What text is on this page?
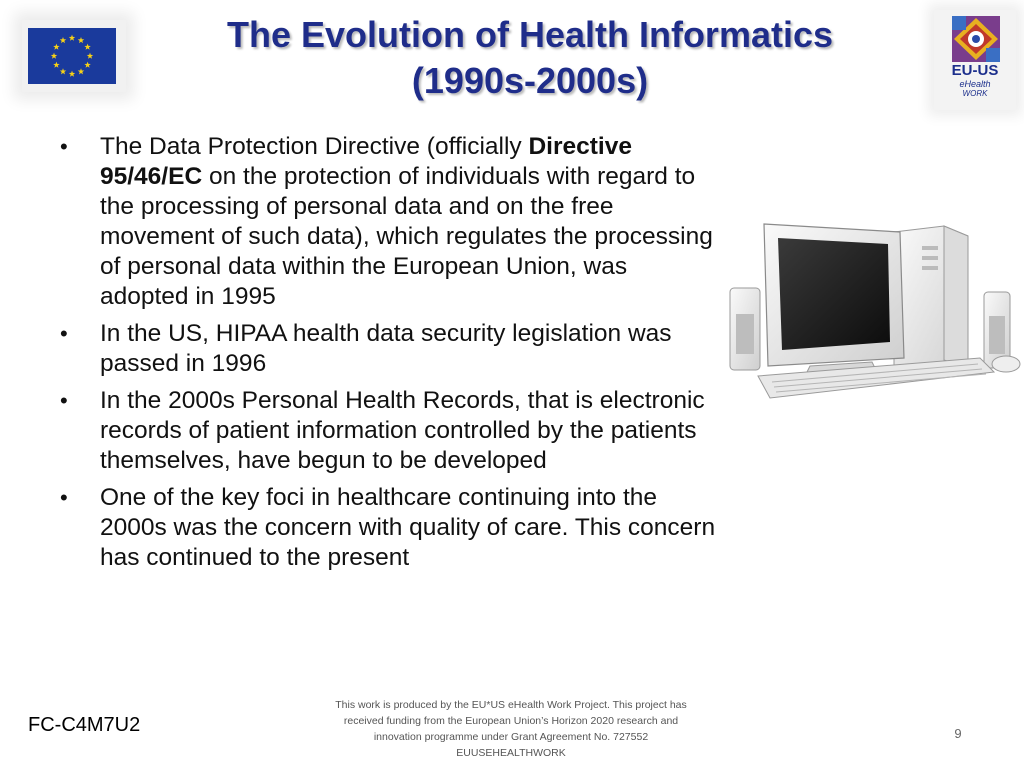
EU-US
eHealth
WORK
The Evolution of Health Informatics
(1990s-2000s)
• The Data Protection Directive (officially Directive 95/46/EC on the protection of individuals with regard to the processing of personal data and on the free movement of such data), which regulates the processing of personal data within the European Union, was adopted in 1995
• In the US, HIPAA health data security legislation was passed in 1996
• In the 2000s Personal Health Records, that is electronic records of patient information controlled by the patients themselves, have begun to be developed
• One of the key foci in healthcare continuing into the 2000s was the concern with quality of care. This concern has continued to the present
FC-C4M7U2
This work is produced by the EU*US eHealth Work Project. This project has
received funding from the European Union’s Horizon 2020 research and
innovation programme under Grant Agreement No. 727552
EUUSEHEALTHWORK
9
